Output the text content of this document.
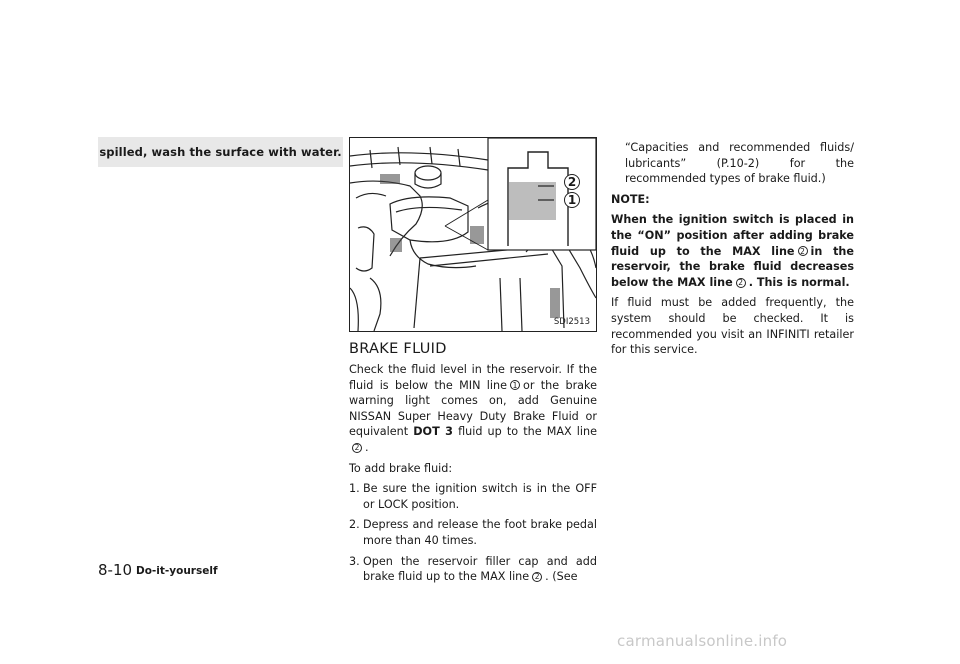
spilled, wash the surface with water.
2
1
SDI2513
BRAKE FLUID

Check the fluid level in the reservoir. If the fluid is below the MIN line 1 or the brake warning light comes on, add Genuine NISSAN Super Heavy Duty Brake Fluid or equivalent DOT 3 fluid up to the MAX line 2 .

To add brake fluid:

1. Be sure the ignition switch is in the OFF or LOCK position.
2. Depress and release the foot brake pedal more than 40 times.
3. Open the reservoir filler cap and add brake fluid up to the MAX line 2 . (See
“Capacities and recommended fluids/ lubricants” (P.10-2) for the recommended types of brake fluid.)

NOTE:

When the ignition switch is placed in the “ON” position after adding brake fluid up to the MAX line 2 in the reservoir, the brake fluid decreases below the MAX line 2 . This is normal.

If fluid must be added frequently, the system should be checked. It is recommended you visit an INFINITI retailer for this service.

8-10 Do-it-yourself
carmanualsonline.info
